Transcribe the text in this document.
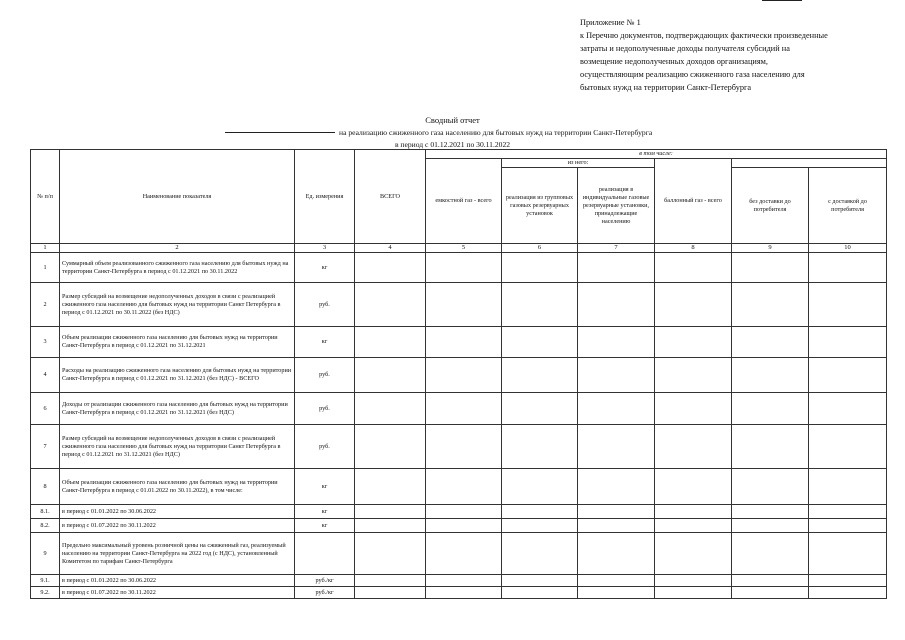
Приложение № 1
к Перечню документов, подтверждающих фактически произведенные
затраты и недополученные доходы получателя субсидий на
возмещение недополученных доходов организациям,
осуществляющим реализацию сжиженного газа населению для
бытовых нужд на территории Санкт-Петербурга
Сводный отчет
на реализацию сжиженного газа населению для бытовых нужд на территории Санкт-Петербурга
в период с 01.12.2021 по 30.11.2022
№ п/п	Наименование показателя	Ед. измерения	ВСЕГО	в том числе:					
				емкостной газ - всего	из него:		баллонный газ - всего		
					реализация из групповых газовых резервуарных установок	реализация в индивидуальные газовые резервуарные установки, принадлежащие населению		без доставки до потребителя	с доставкой до потребителя
1	2	3	4	5	6	7	8	9	10
1	Суммарный объем реализованного сжиженного газа населению для бытовых нужд на территории Санкт-Петербурга в период с 01.12.2021 по 30.11.2022	кг							
2	Размер субсидий на возмещение недополученных доходов в связи с реализацией сжиженного газа населению для бытовых нужд на территории Санкт Петербурга в период с 01.12.2021 по 30.11.2022 (без НДС)	руб.							
3	Объем реализации сжиженного газа населению для бытовых нужд на территории Санкт-Петербурга в период с 01.12.2021 по 31.12.2021	кг							
4	Расходы на реализацию сжиженного газа населению для бытовых нужд на территории Санкт-Петербурга в период с 01.12.2021 по 31.12.2021 (без НДС) - ВСЕГО	руб.							
6	Доходы от реализации сжиженного газа населению для бытовых нужд на территории Санкт-Петербурга в период с 01.12.2021 по 31.12.2021 (без НДС)	руб.							
7	Размер субсидий на возмещение недополученных доходов в связи с реализацией сжиженного газа населению для бытовых нужд на территории Санкт Петербурга в период с 01.12.2021 по 31.12.2021 (без НДС)	руб.							
8	Объем реализации сжиженного газа населению для бытовых нужд на территории Санкт-Петербурга в период с 01.01.2022 по 30.11.2022), в том числе:	кг							
8.1.	в период с 01.01.2022 по 30.06.2022	кг							
8.2.	в период с 01.07.2022 по 30.11.2022	кг							
9	Предельно максимальный уровень розничной цены на сжиженный газ, реализуемый населению на территории Санкт-Петербурга на 2022 год (с НДС), установленный Комитетом по тарифам Санкт-Петербурга								
9.1.	в период с 01.01.2022 по 30.06.2022	руб./кг							
9.2.	в период с 01.07.2022 по 30.11.2022	руб./кг							
